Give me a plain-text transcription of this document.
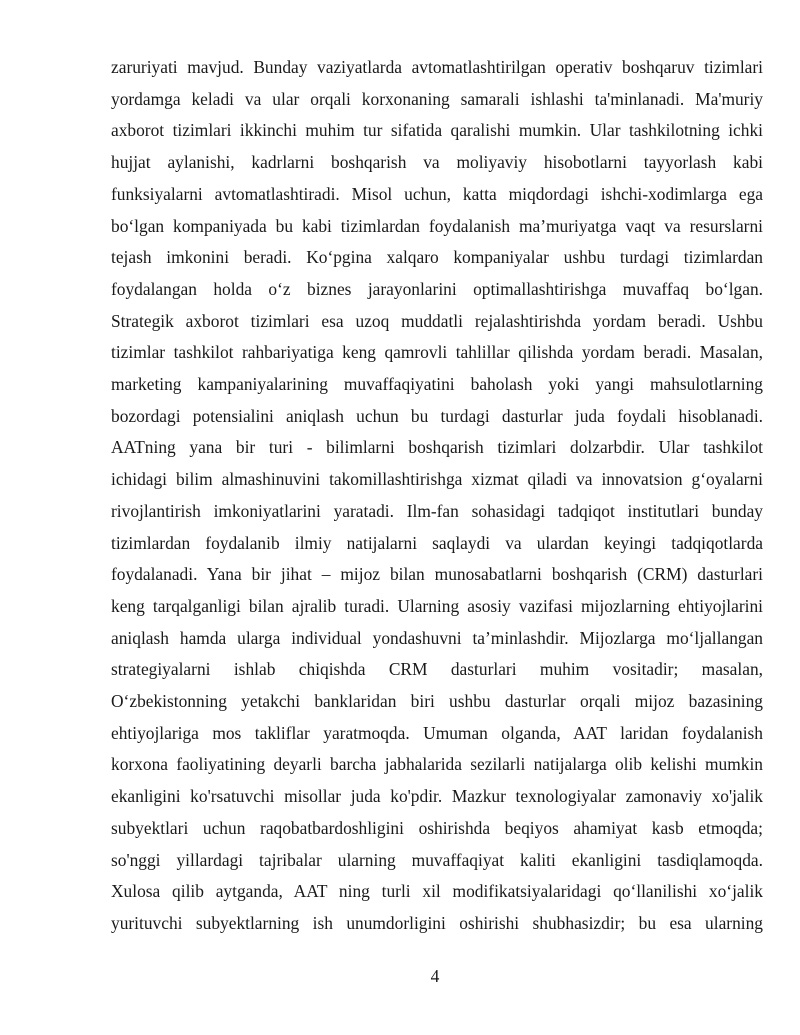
zaruriyati mavjud. Bunday vaziyatlarda avtomatlashtirilgan operativ boshqaruv tizimlari
yordamga keladi va ular orqali korxonaning samarali ishlashi ta'minlanadi. Ma'muriy
axborot tizimlari ikkinchi muhim tur sifatida qaralishi mumkin. Ular tashkilotning ichki
hujjat aylanishi, kadrlarni boshqarish va moliyaviy hisobotlarni tayyorlash kabi
funksiyalarni avtomatlashtiradi. Misol uchun, katta miqdordagi ishchi-xodimlarga ega
boʻlgan kompaniyada bu kabi tizimlardan foydalanish maʼmuriyatga vaqt va resurslarni
tejash imkonini beradi. Koʻpgina xalqaro kompaniyalar ushbu turdagi tizimlardan
foydalangan holda oʻz biznes jarayonlarini optimallashtirishga muvaffaq boʻlgan.
Strategik axborot tizimlari esa uzoq muddatli rejalashtirishda yordam beradi. Ushbu
tizimlar tashkilot rahbariyatiga keng qamrovli tahlillar qilishda yordam beradi. Masalan,
marketing kampaniyalarining muvaffaqiyatini baholash yoki yangi mahsulotlarning
bozordagi potensialini aniqlash uchun bu turdagi dasturlar juda foydali hisoblanadi.
AATning yana bir turi - bilimlarni boshqarish tizimlari dolzarbdir. Ular tashkilot
ichidagi bilim almashinuvini takomillashtirishga xizmat qiladi va innovatsion gʻoyalarni
rivojlantirish imkoniyatlarini yaratadi. Ilm-fan sohasidagi tadqiqot institutlari bunday
tizimlardan foydalanib ilmiy natijalarni saqlaydi va ulardan keyingi tadqiqotlarda
foydalanadi. Yana bir jihat – mijoz bilan munosabatlarni boshqarish (CRM) dasturlari
keng tarqalganligi bilan ajralib turadi. Ularning asosiy vazifasi mijozlarning ehtiyojlarini
aniqlash hamda ularga individual yondashuvni taʼminlashdir. Mijozlarga moʻljallangan
strategiyalarni ishlab chiqishda CRM dasturlari muhim vositadir; masalan,
Oʻzbekistonning yetakchi banklaridan biri ushbu dasturlar orqali mijoz bazasining
ehtiyojlariga mos takliflar yaratmoqda. Umuman olganda, AAT laridan foydalanish
korxona faoliyatining deyarli barcha jabhalarida sezilarli natijalarga olib kelishi mumkin
ekanligini ko'rsatuvchi misollar juda ko'pdir. Mazkur texnologiyalar zamonaviy xo'jalik
subyektlari uchun raqobatbardoshligini oshirishda beqiyos ahamiyat kasb etmoqda;
so'nggi yillardagi tajribalar ularning muvaffaqiyat kaliti ekanligini tasdiqlamoqda.
Xulosa qilib aytganda, AAT ning turli xil modifikatsiyalaridagi qoʻllanilishi xoʻjalik
yurituvchi subyektlarning ish unumdorligini oshirishi shubhasizdir; bu esa ularning
4
